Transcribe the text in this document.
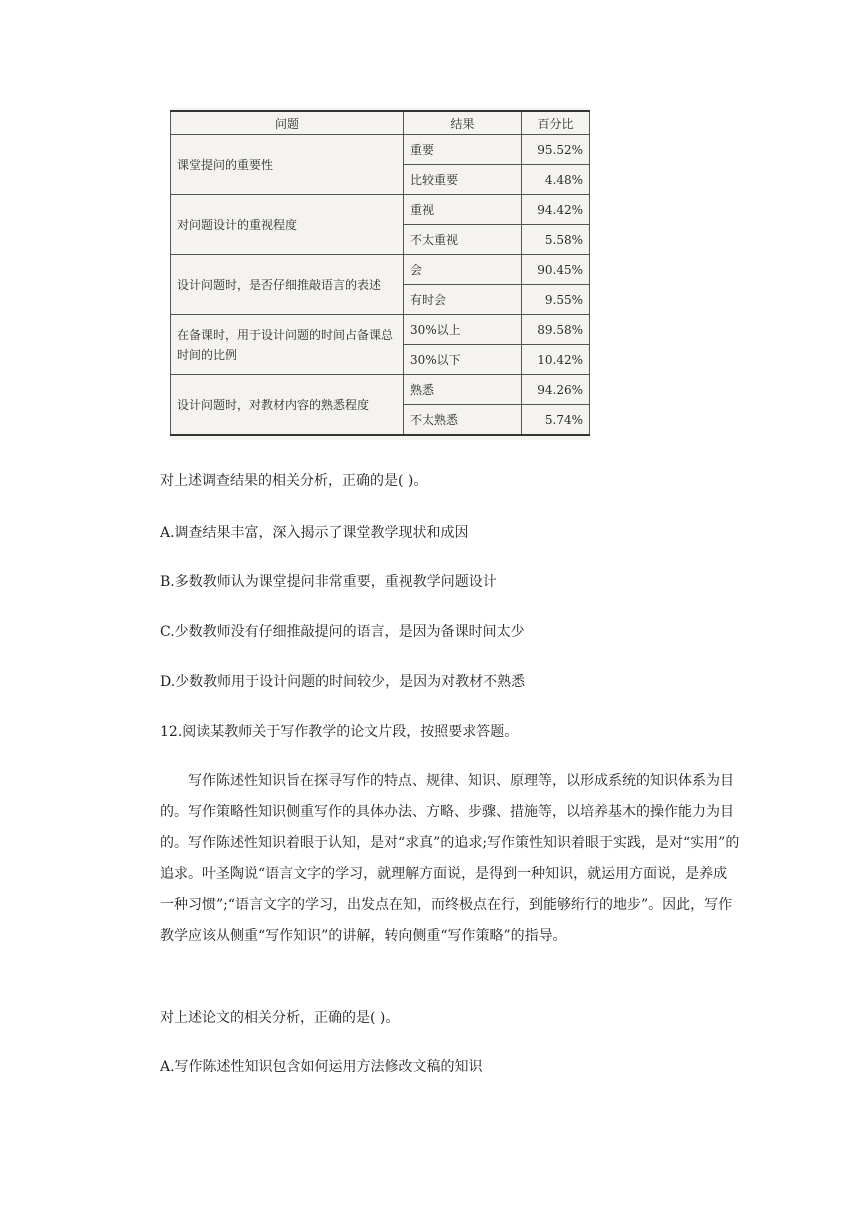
问题	结果	百分比
课堂提问的重要性	重要	95.52%
	比较重要	4.48%
对问题设计的重视程度	重视	94.42%
	不太重视	5.58%
设计问题时，是否仔细推敲语言的表述	会	90.45%
	有时会	9.55%
在备课时，用于设计问题的时间占备课总时间的比例	30%以上	89.58%
	30%以下	10.42%
设计问题时，对教材内容的熟悉程度	熟悉	94.26%
	不太熟悉	5.74%

对上述调查结果的相关分析，正确的是( )。

A.调查结果丰富，深入揭示了课堂教学现状和成因

B.多数教师认为课堂提问非常重要，重视教学问题设计

C.少数教师没有仔细推敲提问的语言，是因为备课时间太少

D.少数教师用于设计问题的时间较少，是因为对教材不熟悉

12.阅读某教师关于写作教学的论文片段，按照要求答题。

写作陈述性知识旨在探寻写作的特点、规律、知识、原理等，以形成系统的知识体系为目的。写作策略性知识侧重写作的具体办法、方略、步骤、措施等，以培养基木的操作能力为目的。写作陈述性知识着眼于认知，是对“求真”的追求;写作策性知识着眼于实践，是对“实用”的追求。叶圣陶说“语言文字的学习，就理解方面说，是得到一种知识，就运用方面说，是养成一种习惯”;“语言文字的学习，出发点在知，而终极点在行，到能够绗行的地步”。因此，写作教学应该从侧重“写作知识”的讲解，转向侧重“写作策略”的指导。

对上述论文的相关分析，正确的是( )。

A.写作陈述性知识包含如何运用方法修改文稿的知识
